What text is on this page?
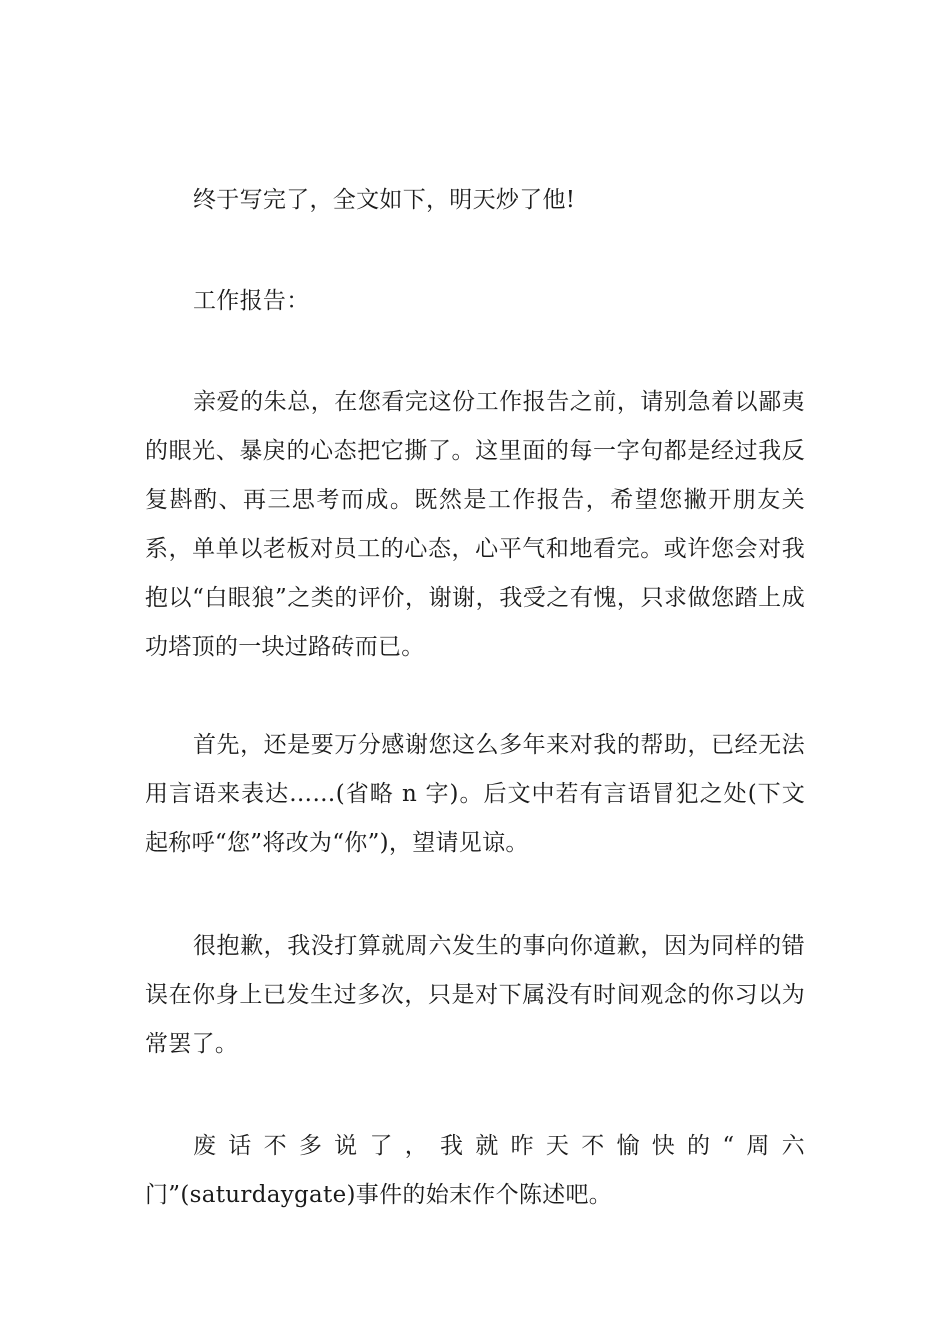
终于写完了，全文如下，明天炒了他!

工作报告：

亲爱的朱总，在您看完这份工作报告之前，请别急着以鄙夷的眼光、暴戾的心态把它撕了。这里面的每一字句都是经过我反复斟酌、再三思考而成。既然是工作报告，希望您撇开朋友关系，单单以老板对员工的心态，心平气和地看完。或许您会对我抱以“白眼狼”之类的评价，谢谢，我受之有愧，只求做您踏上成功塔顶的一块过路砖而已。

首先，还是要万分感谢您这么多年来对我的帮助，已经无法用言语来表达……(省略 n 字)。后文中若有言语冒犯之处(下文起称呼“您”将改为“你”)，望请见谅。

很抱歉，我没打算就周六发生的事向你道歉，因为同样的错误在你身上已发生过多次，只是对下属没有时间观念的你习以为常罢了。

废话不多说了，我就昨天不愉快的“周六门”(saturdaygate)事件的始末作个陈述吧。
